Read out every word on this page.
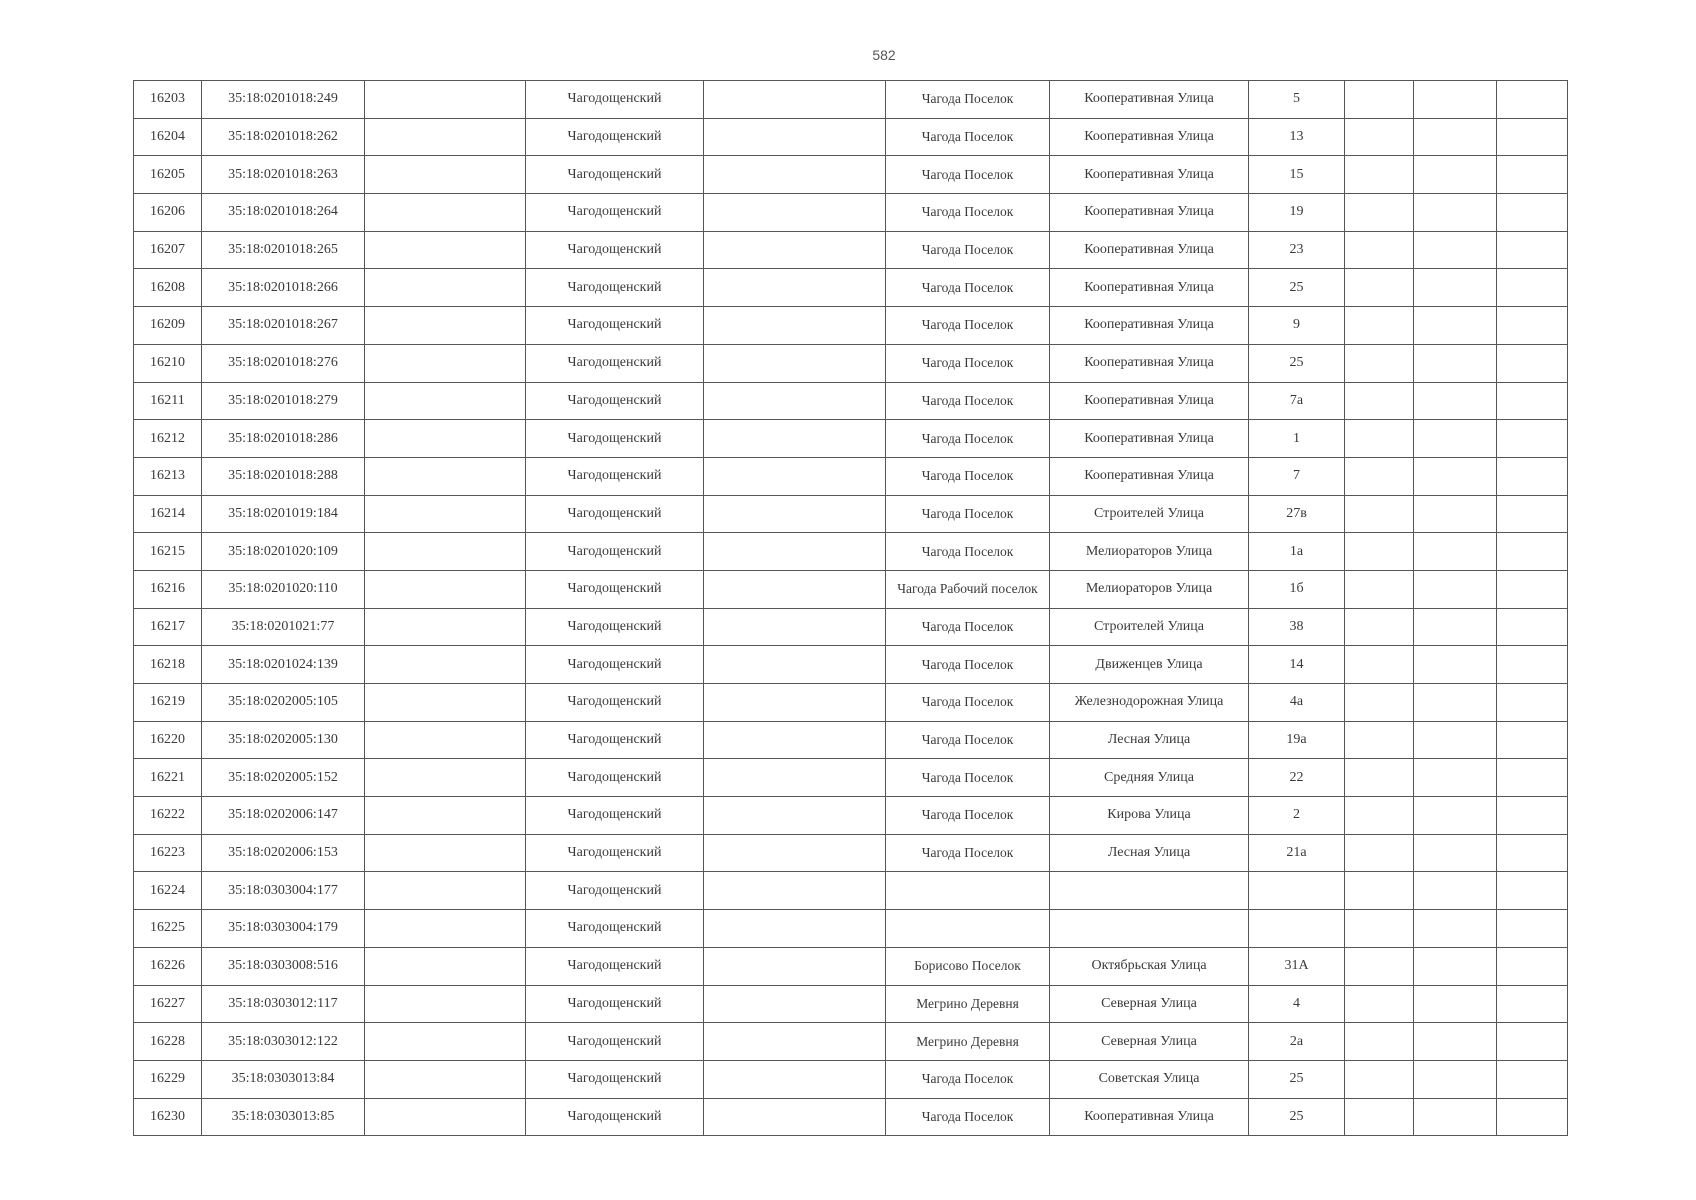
582
16203	35:18:0201018:249		Чагодощенский		Чагода Поселок	Кооперативная Улица	5			
16204	35:18:0201018:262		Чагодощенский		Чагода Поселок	Кооперативная Улица	13			
16205	35:18:0201018:263		Чагодощенский		Чагода Поселок	Кооперативная Улица	15			
16206	35:18:0201018:264		Чагодощенский		Чагода Поселок	Кооперативная Улица	19			
16207	35:18:0201018:265		Чагодощенский		Чагода Поселок	Кооперативная Улица	23			
16208	35:18:0201018:266		Чагодощенский		Чагода Поселок	Кооперативная Улица	25			
16209	35:18:0201018:267		Чагодощенский		Чагода Поселок	Кооперативная Улица	9			
16210	35:18:0201018:276		Чагодощенский		Чагода Поселок	Кооперативная Улица	25			
16211	35:18:0201018:279		Чагодощенский		Чагода Поселок	Кооперативная Улица	7а			
16212	35:18:0201018:286		Чагодощенский		Чагода Поселок	Кооперативная Улица	1			
16213	35:18:0201018:288		Чагодощенский		Чагода Поселок	Кооперативная Улица	7			
16214	35:18:0201019:184		Чагодощенский		Чагода Поселок	Строителей Улица	27в			
16215	35:18:0201020:109		Чагодощенский		Чагода Поселок	Мелиораторов Улица	1а			
16216	35:18:0201020:110		Чагодощенский		Чагода Рабочий поселок	Мелиораторов Улица	1б			
16217	35:18:0201021:77		Чагодощенский		Чагода Поселок	Строителей Улица	38			
16218	35:18:0201024:139		Чагодощенский		Чагода Поселок	Движенцев Улица	14			
16219	35:18:0202005:105		Чагодощенский		Чагода Поселок	Железнодорожная Улица	4а			
16220	35:18:0202005:130		Чагодощенский		Чагода Поселок	Лесная Улица	19а			
16221	35:18:0202005:152		Чагодощенский		Чагода Поселок	Средняя Улица	22			
16222	35:18:0202006:147		Чагодощенский		Чагода Поселок	Кирова Улица	2			
16223	35:18:0202006:153		Чагодощенский		Чагода Поселок	Лесная Улица	21а			
16224	35:18:0303004:177		Чагодощенский							
16225	35:18:0303004:179		Чагодощенский							
16226	35:18:0303008:516		Чагодощенский		Борисово Поселок	Октябрьская Улица	31А			
16227	35:18:0303012:117		Чагодощенский		Мегрино Деревня	Северная Улица	4			
16228	35:18:0303012:122		Чагодощенский		Мегрино Деревня	Северная Улица	2а			
16229	35:18:0303013:84		Чагодощенский		Чагода Поселок	Советская Улица	25			
16230	35:18:0303013:85		Чагодощенский		Чагода Поселок	Кооперативная Улица	25			
